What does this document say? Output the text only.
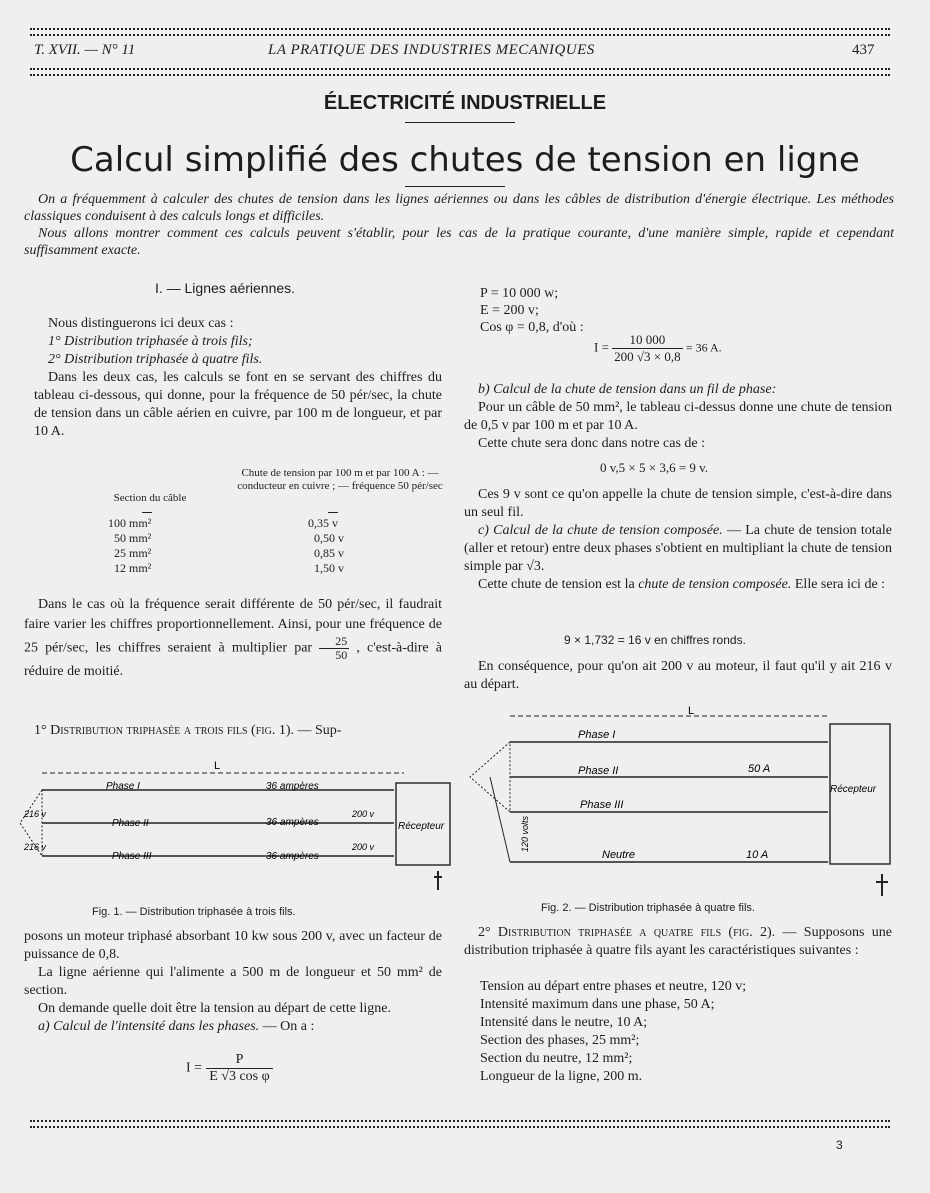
T. XVII. — N° 11	LA PRATIQUE DES INDUSTRIES MECANIQUES	437
ÉLECTRICITÉ INDUSTRIELLE
Calcul simplifié des chutes de tension en ligne
On a fréquemment à calculer des chutes de tension dans les lignes aériennes ou dans les câbles de distribution d'énergie électrique. Les méthodes classiques conduisent à des calculs longs et difficiles.
Nous allons montrer comment ces calculs peuvent s'établir, pour les cas de la pratique courante, d'une manière simple, rapide et cependant suffisamment exacte.
I. — Lignes aériennes.
Nous distinguerons ici deux cas :
1° Distribution triphasée à trois fils;
2° Distribution triphasée à quatre fils.
Dans les deux cas, les calculs se font en se servant des chiffres du tableau ci-dessous, qui donne, pour la fréquence de 50 pér/sec, la chute de tension dans un câble aérien en cuivre, par 100 m de longueur, et par 10 A.
Chute de tension par 100 m et par 100 A : — conducteur en cuivre ; — fréquence 50 pér/sec
Section du câble
100 mm²	0,35 v
50 mm²	0,50 v
25 mm²	0,85 v
12 mm²	1,50 v
Dans le cas où la fréquence serait différente de 50 pér/sec, il faudrait faire varier les chiffres proportionnellement. Ainsi, pour une fréquence de 25 pér/sec, les chiffres seraient à multiplier par $\frac{25}{50}$ , c'est-à-dire à réduire de moitié.
1° Distribution triphasée a trois fils (fig. 1). — Sup-
L
Récepteur
Phase I
Phase II
Phase III
36 ampères
36 ampères
36 ampères
216 v
216 v
200 v
200 v
Fig. 1. — Distribution triphasée à trois fils.
posons un moteur triphasé absorbant 10 kw sous 200 v, avec un facteur de puissance de 0,8.
La ligne aérienne qui l'alimente a 500 m de longueur et 50 mm² de section.
On demande quelle doit être la tension au départ de cette ligne.
a) Calcul de l'intensité dans les phases. — On a :
$I = \frac{P}{\text{E √3 cos φ}}$
P = 10 000 w;
E = 200 v;
Cos φ = 0,8, d'où :
$I = \frac{10 000}{200 √3 \times 0,8} = 36$ A.
b) Calcul de la chute de tension dans un fil de phase:
Pour un câble de 50 mm², le tableau ci-dessus donne une chute de tension de 0,5 v par 100 m et par 10 A.
Cette chute sera donc dans notre cas de :
0 v,5 × 5 × 3,6 = 9 v.
Ces 9 v sont ce qu'on appelle la chute de tension simple, c'est-à-dire dans un seul fil.
c) Calcul de la chute de tension composée. — La chute de tension totale (aller et retour) entre deux phases s'obtient en multipliant la chute de tension simple par √3.
Cette chute de tension est la chute de tension composée. Elle sera ici de :
9 × 1,732 = 16 v en chiffres ronds.
En conséquence, pour qu'on ait 200 v au moteur, il faut qu'il y ait 216 v au départ.
L
Récepteur
Phase I
Phase II
Phase III
Neutre
50 A
10 A
120 volts
Fig. 2. — Distribution triphasée à quatre fils.
2° Distribution triphasée a quatre fils (fig. 2). — Supposons une distribution triphasée à quatre fils ayant les caractéristiques suivantes :
Tension au départ entre phases et neutre, 120 v;
Intensité maximum dans une phase, 50 A;
Intensité dans le neutre, 10 A;
Section des phases, 25 mm²;
Section du neutre, 12 mm²;
Longueur de la ligne, 200 m.
3
